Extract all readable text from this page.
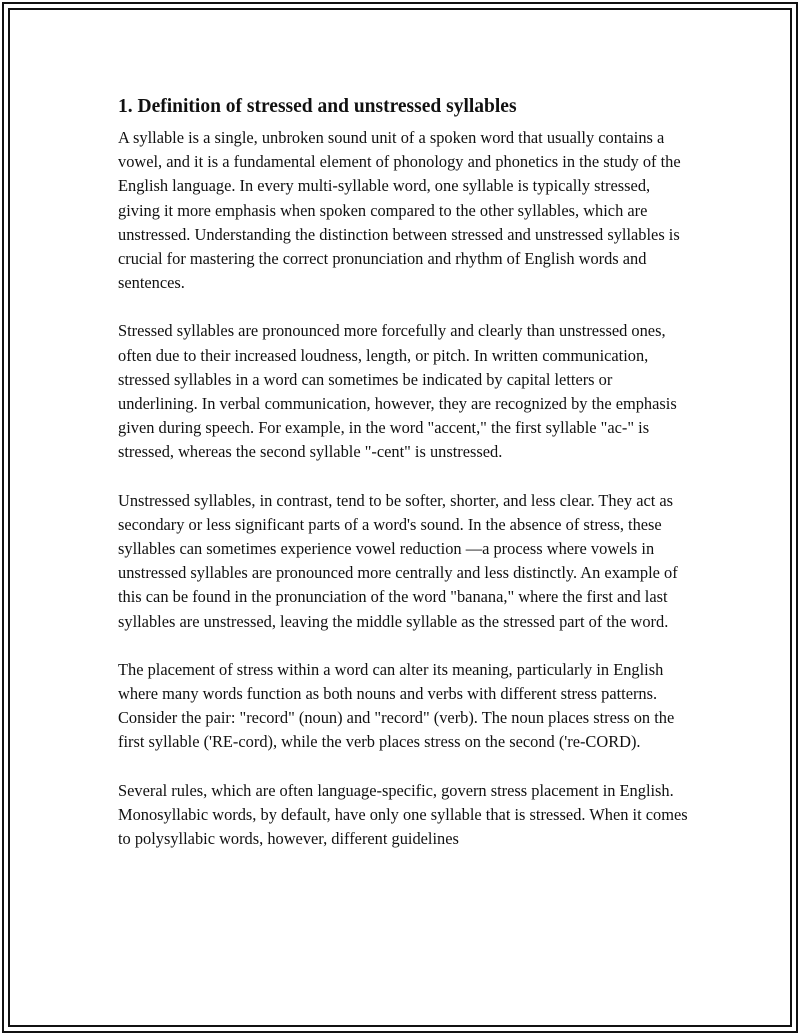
1. Definition of stressed and unstressed syllables

A syllable is a single, unbroken sound unit of a spoken word that usually contains a vowel, and it is a fundamental element of phonology and phonetics in the study of the English language. In every multi-syllable word, one syllable is typically stressed, giving it more emphasis when spoken compared to the other syllables, which are unstressed. Understanding the distinction between stressed and unstressed syllables is crucial for mastering the correct pronunciation and rhythm of English words and sentences.

Stressed syllables are pronounced more forcefully and clearly than unstressed ones, often due to their increased loudness, length, or pitch. In written communication, stressed syllables in a word can sometimes be indicated by capital letters or underlining. In verbal communication, however, they are recognized by the emphasis given during speech. For example, in the word "accent," the first syllable "ac-" is stressed, whereas the second syllable "-cent" is unstressed.

Unstressed syllables, in contrast, tend to be softer, shorter, and less clear. They act as secondary or less significant parts of a word's sound. In the absence of stress, these syllables can sometimes experience vowel reduction —a process where vowels in unstressed syllables are pronounced more centrally and less distinctly. An example of this can be found in the pronunciation of the word "banana," where the first and last syllables are unstressed, leaving the middle syllable as the stressed part of the word.

The placement of stress within a word can alter its meaning, particularly in English where many words function as both nouns and verbs with different stress patterns. Consider the pair: "record" (noun) and "record" (verb). The noun places stress on the first syllable ('RE-cord), while the verb places stress on the second ('re-CORD).

Several rules, which are often language-specific, govern stress placement in English. Monosyllabic words, by default, have only one syllable that is stressed. When it comes to polysyllabic words, however, different guidelines
